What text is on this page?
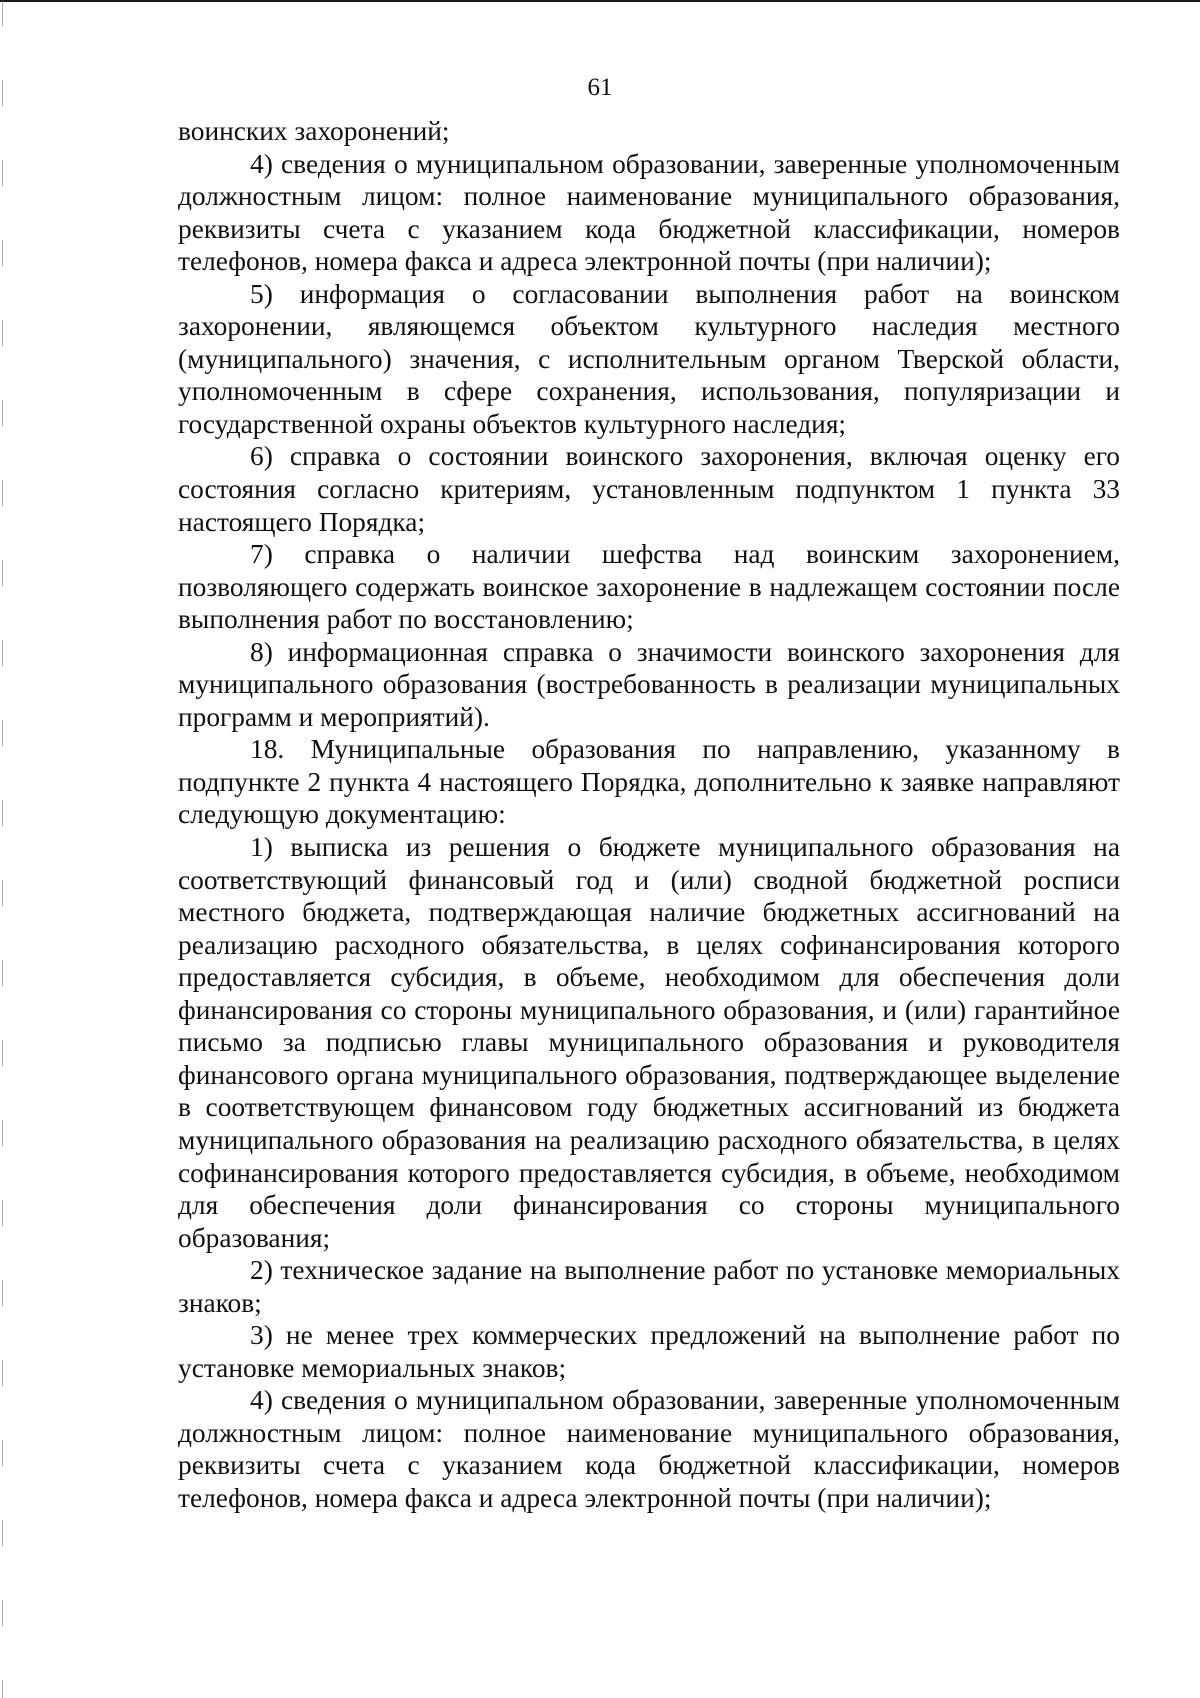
61

воинских захоронений;

4) сведения о муниципальном образовании, заверенные уполномоченным должностным лицом: полное наименование муниципального образования, реквизиты счета с указанием кода бюджетной классификации, номеров телефонов, номера факса и адреса электронной почты (при наличии);

5) информация о согласовании выполнения работ на воинском захоронении, являющемся объектом культурного наследия местного (муниципального) значения, с исполнительным органом Тверской области, уполномоченным в сфере сохранения, использования, популяризации и государственной охраны объектов культурного наследия;

6) справка о состоянии воинского захоронения, включая оценку его состояния согласно критериям, установленным подпунктом 1 пункта 33 настоящего Порядка;

7) справка о наличии шефства над воинским захоронением, позволяющего содержать воинское захоронение в надлежащем состоянии после выполнения работ по восстановлению;

8) информационная справка о значимости воинского захоронения для муниципального образования (востребованность в реализации муниципальных программ и мероприятий).

18. Муниципальные образования по направлению, указанному в подпункте 2 пункта 4 настоящего Порядка, дополнительно к заявке направляют следующую документацию:

1) выписка из решения о бюджете муниципального образования на соответствующий финансовый год и (или) сводной бюджетной росписи местного бюджета, подтверждающая наличие бюджетных ассигнований на реализацию расходного обязательства, в целях софинансирования которого предоставляется субсидия, в объеме, необходимом для обеспечения доли финансирования со стороны муниципального образования, и (или) гарантийное письмо за подписью главы муниципального образования и руководителя финансового органа муниципального образования, подтверждающее выделение в соответствующем финансовом году бюджетных ассигнований из бюджета муниципального образования на реализацию расходного обязательства, в целях софинансирования которого предоставляется субсидия, в объеме, необходимом для обеспечения доли финансирования со стороны муниципального образования;

2) техническое задание на выполнение работ по установке мемориальных знаков;

3) не менее трех коммерческих предложений на выполнение работ по установке мемориальных знаков;

4) сведения о муниципальном образовании, заверенные уполномоченным должностным лицом: полное наименование муниципального образования, реквизиты счета с указанием кода бюджетной классификации, номеров телефонов, номера факса и адреса электронной почты (при наличии);
